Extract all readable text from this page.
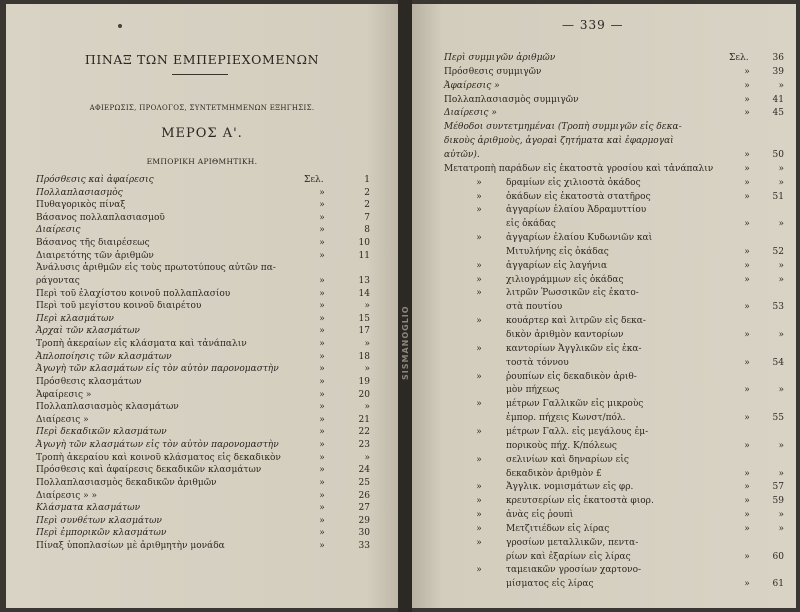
SISMANOGLIO
ΠΙΝΑΞ ΤΩΝ ΕΜΠΕΡΙΕΧΟΜΕΝΩΝ
ΑΦΙΕΡΩΣΙΣ, ΠΡΟΛΟΓΟΣ, ΣΥΝΤΕΤΜΗΜΕΝΩΝ ΕΞΗΓΗΣΙΣ.
ΜΕΡΟΣ Α'.
ΕΜΠΟΡΙΚΗ ΑΡΙΘΜΗΤΙΚΗ.
Πρόσθεσις καὶ ἀφαίρεσις	Σελ.	1
Πολλαπλασιασμὸς	»	2
Πυθαγορικὸς πίναξ	»	2
Βάσανος πολλαπλασιασμοῦ	»	7
Διαίρεσις	»	8
Βάσανος τῆς διαιρέσεως	»	10
Διαιρετότης τῶν ἀριθμῶν	»	11
Ἀνάλυσις ἀριθμῶν εἰς τοὺς πρωτοτύπους αὐτῶν πα-
ράγοντας	»	13
Περὶ τοῦ ἐλαχίστου κοινοῦ πολλαπλασίου	»	14
Περὶ τοῦ μεγίστου κοινοῦ διαιρέτου	»	»
Περὶ κλασμάτων	»	15
Ἀρχαὶ τῶν κλασμάτων	»	17
Τροπὴ ἀκεραίων εἰς κλάσματα καὶ τἀνάπαλιν	»	»
Ἀπλοποίησις τῶν κλασμάτων	»	18
Ἀγωγὴ τῶν κλασμάτων εἰς τὸν αὐτὸν παρονομαστὴν	»	»
Πρόσθεσις κλασμάτων	»	19
Ἀφαίρεσις »	»	20
Πολλαπλασιασμὸς κλασμάτων	»	»
Διαίρεσις »	»	21
Περὶ δεκαδικῶν κλασμάτων	»	22
Ἀγωγὴ τῶν κλασμάτων εἰς τὸν αὐτὸν παρονομαστὴν	»	23
Τροπὴ ἀκεραίου καὶ κοινοῦ κλάσματος εἰς δεκαδικὸν	»	»
Πρόσθεσις καὶ ἀφαίρεσις δεκαδικῶν κλασμάτων	»	24
Πολλαπλασιασμὸς δεκαδικῶν ἀριθμῶν	»	25
Διαίρεσις » »	»	26
Κλάσματα κλασμάτων	»	27
Περὶ συνθέτων κλασμάτων	»	29
Περὶ ἐμπορικῶν κλασμάτων	»	30
Πίναξ ὑποπλασίων μὲ ἀριθμητὴν μονάδα	»	33
— 339 —
Περὶ συμμιγῶν ἀριθμῶν	Σελ.	36
Πρόσθεσις συμμιγῶν	»	39
Ἀφαίρεσις »	»	»
Πολλαπλασιασμὸς συμμιγῶν	»	41
Διαίρεσις »	»	45
Μέθοδοι συντετμημέναι (Τροπὴ συμμιγῶν εἰς δεκα-
δικοὺς ἀριθμοὺς, ἀγοραὶ ζητήματα καὶ ἐφαρμογαὶ
αὐτῶν).	»	50
Μετατροπὴ παράδων εἰς ἑκατοστὰ γροσίου καὶ τἀνάπαλιν	»	»
»	δραμίων εἰς χιλιοστὰ ὀκάδος	»	»
»	ὀκάδων εἰς ἑκατοστὰ στατῆρος	»	51
»	ἀγγαρίων ἐλαίου Ἀδραμυττίου
εἰς ὀκάδας	»	»
»	ἀγγαρίων ἐλαίου Κυδωνιῶν καὶ
Μιτυλήνης εἰς ὀκάδας	»	52
»	ἀγγαρίων εἰς λαγήνια	»	»
»	χιλιογράμμων εἰς ὀκάδας	»	»
»	λιτρῶν Ῥωσσικῶν εἰς ἑκατο-
στὰ πουτίου	»	53
»	κουάρτερ καὶ λιτρῶν εἰς δεκα-
δικὸν ἀριθμὸν καντορίων	»	»
»	καντορίων Ἀγγλικῶν εἰς ἑκα-
τοστὰ τόννου	»	54
»	ῥουπίων εἰς δεκαδικὸν ἀριθ-
μὸν πήχεως	»	»
»	μέτρων Γαλλικῶν εἰς μικροὺς
ἐμπορ. πήχεις Κωνστ/πόλ.	»	55
»	μέτρων Γαλλ. εἰς μεγάλους ἐμ-
πορικοὺς πήχ. Κ/πόλεως	»	»
»	σελινίων καὶ δηναρίων εἰς
δεκαδικὸν ἀριθμὸν £	»	»
»	Ἀγγλικ. νομισμάτων εἰς φρ.	»	57
»	κρευτσερίων εἰς ἑκατοστὰ φιορ.	»	59
»	ἀνὰς εἰς ῥουπὶ	»	»
»	Μετζιτιέδων εἰς λίρας	»	»
»	γροσίων μεταλλικῶν, πεντα-
ρίων καὶ ἐξαρίων εἰς λίρας	»	60
»	ταμειακῶν γροσίων χαρτονο-
μίσματος εἰς λίρας	»	61
